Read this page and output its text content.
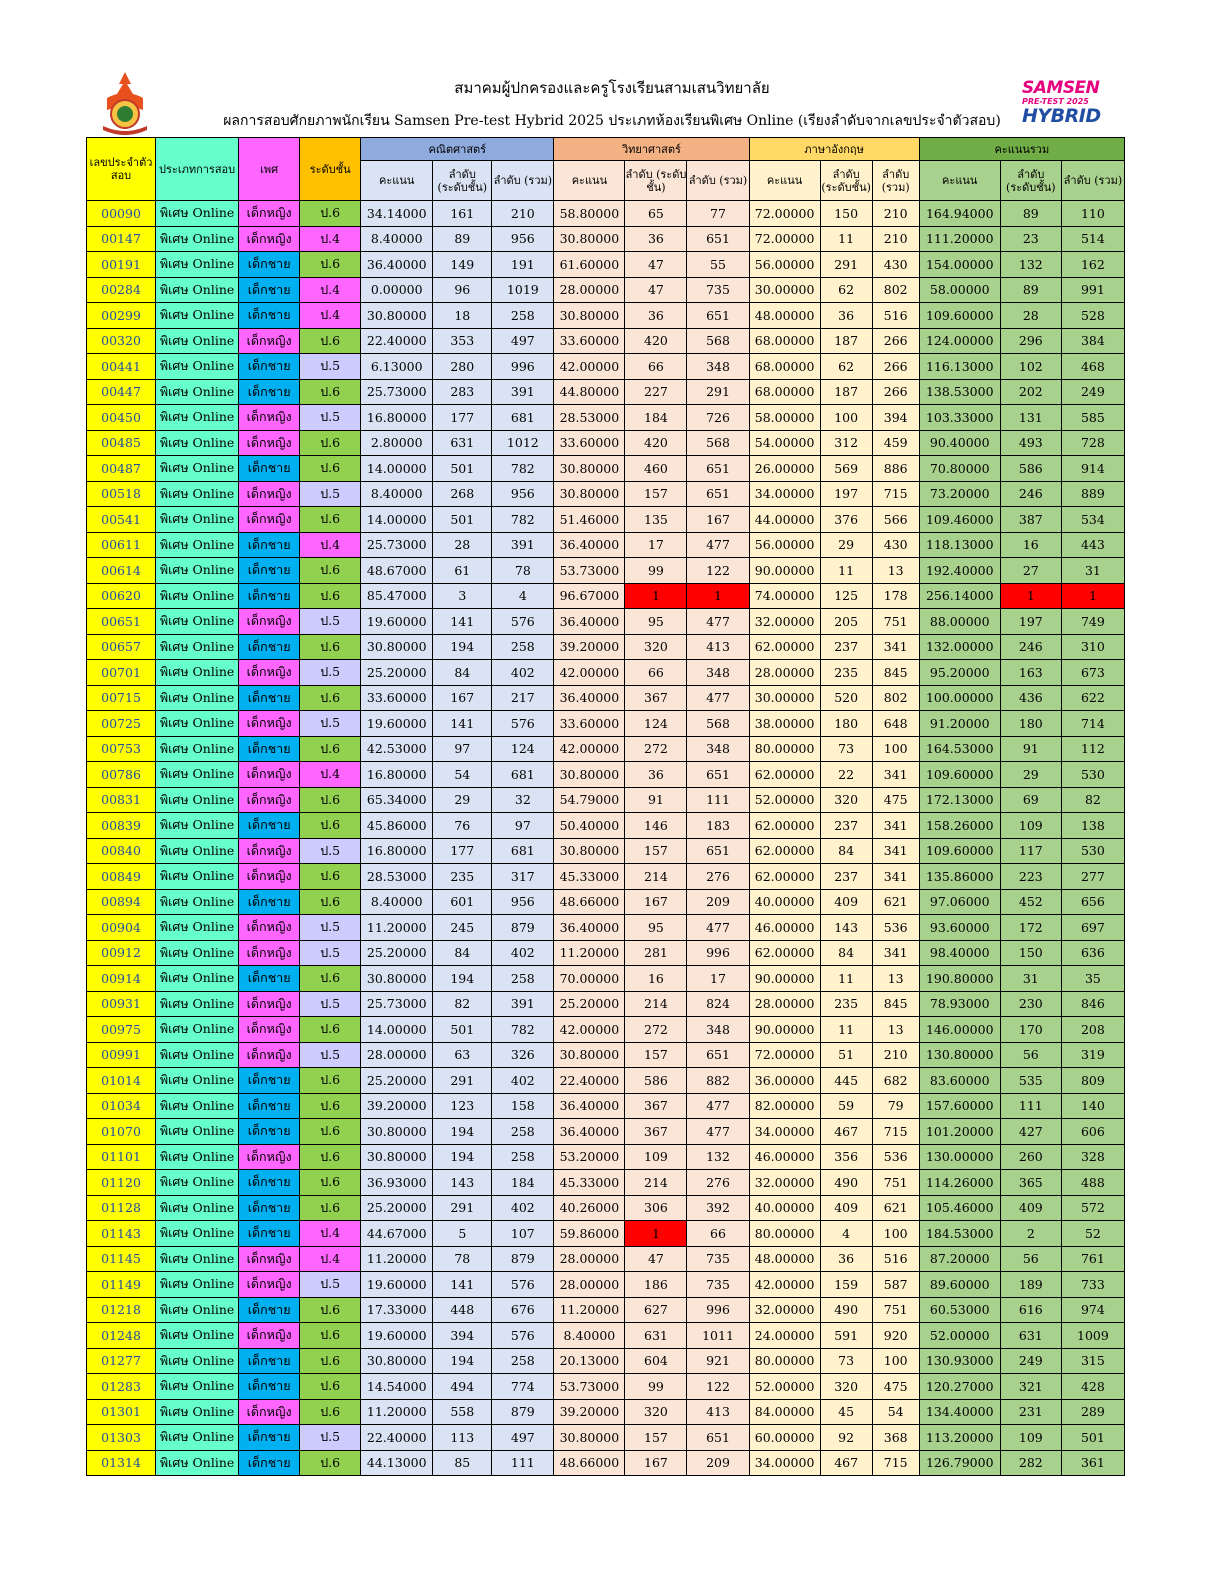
SAMSEN
PRE-TEST 2025
HYBRID
สมาคมผู้ปกครองและครูโรงเรียนสามเสนวิทยาลัย
ผลการสอบศักยภาพนักเรียน Samsen Pre-test Hybrid 2025 ประเภทห้องเรียนพิเศษ Online (เรียงลำดับจากเลขประจำตัวสอบ)
เลขประจำตัวสอบ	ประเภทการสอบ	เพศ	ระดับชั้น	คณิตศาสตร์			วิทยาศาสตร์			ภาษาอังกฤษ			คะแนนรวม		
				คะแนน	ลำดับ (ระดับชั้น)	ลำดับ (รวม)	คะแนน	ลำดับ (ระดับชั้น)	ลำดับ (รวม)	คะแนน	ลำดับ (ระดับชั้น)	ลำดับ (รวม)	คะแนน	ลำดับ (ระดับชั้น)	ลำดับ (รวม)
00090	พิเศษ Online	เด็กหญิง	ป.6	34.14000	161	210	58.80000	65	77	72.00000	150	210	164.94000	89	110
00147	พิเศษ Online	เด็กหญิง	ป.4	8.40000	89	956	30.80000	36	651	72.00000	11	210	111.20000	23	514
00191	พิเศษ Online	เด็กชาย	ป.6	36.40000	149	191	61.60000	47	55	56.00000	291	430	154.00000	132	162
00284	พิเศษ Online	เด็กชาย	ป.4	0.00000	96	1019	28.00000	47	735	30.00000	62	802	58.00000	89	991
00299	พิเศษ Online	เด็กชาย	ป.4	30.80000	18	258	30.80000	36	651	48.00000	36	516	109.60000	28	528
00320	พิเศษ Online	เด็กหญิง	ป.6	22.40000	353	497	33.60000	420	568	68.00000	187	266	124.00000	296	384
00441	พิเศษ Online	เด็กชาย	ป.5	6.13000	280	996	42.00000	66	348	68.00000	62	266	116.13000	102	468
00447	พิเศษ Online	เด็กชาย	ป.6	25.73000	283	391	44.80000	227	291	68.00000	187	266	138.53000	202	249
00450	พิเศษ Online	เด็กหญิง	ป.5	16.80000	177	681	28.53000	184	726	58.00000	100	394	103.33000	131	585
00485	พิเศษ Online	เด็กหญิง	ป.6	2.80000	631	1012	33.60000	420	568	54.00000	312	459	90.40000	493	728
00487	พิเศษ Online	เด็กชาย	ป.6	14.00000	501	782	30.80000	460	651	26.00000	569	886	70.80000	586	914
00518	พิเศษ Online	เด็กหญิง	ป.5	8.40000	268	956	30.80000	157	651	34.00000	197	715	73.20000	246	889
00541	พิเศษ Online	เด็กหญิง	ป.6	14.00000	501	782	51.46000	135	167	44.00000	376	566	109.46000	387	534
00611	พิเศษ Online	เด็กชาย	ป.4	25.73000	28	391	36.40000	17	477	56.00000	29	430	118.13000	16	443
00614	พิเศษ Online	เด็กชาย	ป.6	48.67000	61	78	53.73000	99	122	90.00000	11	13	192.40000	27	31
00620	พิเศษ Online	เด็กชาย	ป.6	85.47000	3	4	96.67000	1	1	74.00000	125	178	256.14000	1	1
00651	พิเศษ Online	เด็กหญิง	ป.5	19.60000	141	576	36.40000	95	477	32.00000	205	751	88.00000	197	749
00657	พิเศษ Online	เด็กชาย	ป.6	30.80000	194	258	39.20000	320	413	62.00000	237	341	132.00000	246	310
00701	พิเศษ Online	เด็กหญิง	ป.5	25.20000	84	402	42.00000	66	348	28.00000	235	845	95.20000	163	673
00715	พิเศษ Online	เด็กชาย	ป.6	33.60000	167	217	36.40000	367	477	30.00000	520	802	100.00000	436	622
00725	พิเศษ Online	เด็กหญิง	ป.5	19.60000	141	576	33.60000	124	568	38.00000	180	648	91.20000	180	714
00753	พิเศษ Online	เด็กชาย	ป.6	42.53000	97	124	42.00000	272	348	80.00000	73	100	164.53000	91	112
00786	พิเศษ Online	เด็กหญิง	ป.4	16.80000	54	681	30.80000	36	651	62.00000	22	341	109.60000	29	530
00831	พิเศษ Online	เด็กหญิง	ป.6	65.34000	29	32	54.79000	91	111	52.00000	320	475	172.13000	69	82
00839	พิเศษ Online	เด็กชาย	ป.6	45.86000	76	97	50.40000	146	183	62.00000	237	341	158.26000	109	138
00840	พิเศษ Online	เด็กหญิง	ป.5	16.80000	177	681	30.80000	157	651	62.00000	84	341	109.60000	117	530
00849	พิเศษ Online	เด็กหญิง	ป.6	28.53000	235	317	45.33000	214	276	62.00000	237	341	135.86000	223	277
00894	พิเศษ Online	เด็กชาย	ป.6	8.40000	601	956	48.66000	167	209	40.00000	409	621	97.06000	452	656
00904	พิเศษ Online	เด็กหญิง	ป.5	11.20000	245	879	36.40000	95	477	46.00000	143	536	93.60000	172	697
00912	พิเศษ Online	เด็กหญิง	ป.5	25.20000	84	402	11.20000	281	996	62.00000	84	341	98.40000	150	636
00914	พิเศษ Online	เด็กชาย	ป.6	30.80000	194	258	70.00000	16	17	90.00000	11	13	190.80000	31	35
00931	พิเศษ Online	เด็กหญิง	ป.5	25.73000	82	391	25.20000	214	824	28.00000	235	845	78.93000	230	846
00975	พิเศษ Online	เด็กหญิง	ป.6	14.00000	501	782	42.00000	272	348	90.00000	11	13	146.00000	170	208
00991	พิเศษ Online	เด็กหญิง	ป.5	28.00000	63	326	30.80000	157	651	72.00000	51	210	130.80000	56	319
01014	พิเศษ Online	เด็กชาย	ป.6	25.20000	291	402	22.40000	586	882	36.00000	445	682	83.60000	535	809
01034	พิเศษ Online	เด็กชาย	ป.6	39.20000	123	158	36.40000	367	477	82.00000	59	79	157.60000	111	140
01070	พิเศษ Online	เด็กชาย	ป.6	30.80000	194	258	36.40000	367	477	34.00000	467	715	101.20000	427	606
01101	พิเศษ Online	เด็กหญิง	ป.6	30.80000	194	258	53.20000	109	132	46.00000	356	536	130.00000	260	328
01120	พิเศษ Online	เด็กชาย	ป.6	36.93000	143	184	45.33000	214	276	32.00000	490	751	114.26000	365	488
01128	พิเศษ Online	เด็กชาย	ป.6	25.20000	291	402	40.26000	306	392	40.00000	409	621	105.46000	409	572
01143	พิเศษ Online	เด็กชาย	ป.4	44.67000	5	107	59.86000	1	66	80.00000	4	100	184.53000	2	52
01145	พิเศษ Online	เด็กหญิง	ป.4	11.20000	78	879	28.00000	47	735	48.00000	36	516	87.20000	56	761
01149	พิเศษ Online	เด็กหญิง	ป.5	19.60000	141	576	28.00000	186	735	42.00000	159	587	89.60000	189	733
01218	พิเศษ Online	เด็กชาย	ป.6	17.33000	448	676	11.20000	627	996	32.00000	490	751	60.53000	616	974
01248	พิเศษ Online	เด็กหญิง	ป.6	19.60000	394	576	8.40000	631	1011	24.00000	591	920	52.00000	631	1009
01277	พิเศษ Online	เด็กชาย	ป.6	30.80000	194	258	20.13000	604	921	80.00000	73	100	130.93000	249	315
01283	พิเศษ Online	เด็กชาย	ป.6	14.54000	494	774	53.73000	99	122	52.00000	320	475	120.27000	321	428
01301	พิเศษ Online	เด็กหญิง	ป.6	11.20000	558	879	39.20000	320	413	84.00000	45	54	134.40000	231	289
01303	พิเศษ Online	เด็กชาย	ป.5	22.40000	113	497	30.80000	157	651	60.00000	92	368	113.20000	109	501
01314	พิเศษ Online	เด็กชาย	ป.6	44.13000	85	111	48.66000	167	209	34.00000	467	715	126.79000	282	361
